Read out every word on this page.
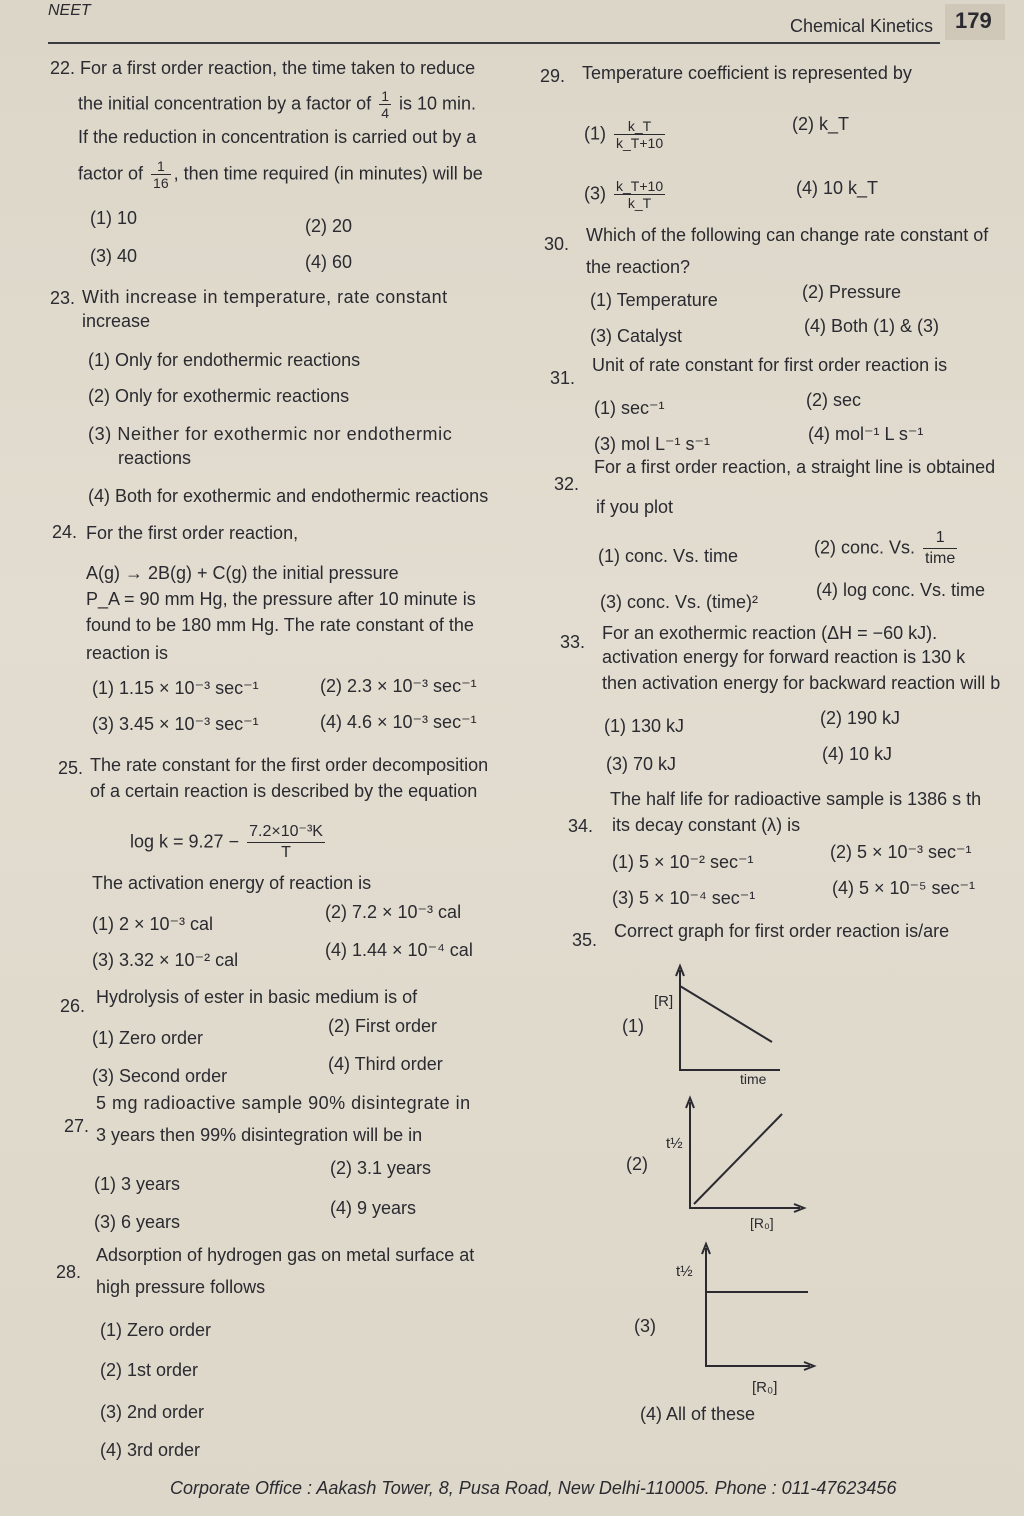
NEET
Chemical Kinetics 179
22. For a first order reaction, the time taken to reduce
the initial concentration by a factor of $\frac{1}{4}$ is 10 min.
If the reduction in concentration is carried out by a
factor of $\frac{1}{16}$ , then time required (in minutes) will be
(1) 10	(2) 20
(3) 40	(4) 60
23. With increase in temperature, rate constant
increase
(1) Only for endothermic reactions
(2) Only for exothermic reactions
(3) Neither for exothermic nor endothermic
reactions
(4) Both for exothermic and endothermic reactions
24. For the first order reaction,
A(g) → 2B(g) + C(g) the initial pressure
P_A = 90 mm Hg, the pressure after 10 minute is
found to be 180 mm Hg. The rate constant of the
reaction is
(1) 1.15 × 10⁻³ sec⁻¹	(2) 2.3 × 10⁻³ sec⁻¹
(3) 3.45 × 10⁻³ sec⁻¹	(4) 4.6 × 10⁻³ sec⁻¹
25. The rate constant for the first order decomposition
of a certain reaction is described by the equation
$\log k = 9.27 - \frac{\text{7.2×10⁻³K}}{T}$
The activation energy of reaction is
(1) 2 × 10⁻³ cal
(2) 7.2 × 10⁻³ cal
(3) 3.32 × 10⁻² cal	(4) 1.44 × 10⁻⁴ cal
26. Hydrolysis of ester in basic medium is of
(1) Zero order
(2) First order
(3) Second order
(4) Third order
27.
5 mg radioactive sample 90% disintegrate in
3 years then 99% disintegration will be in
(1) 3 years
(2) 3.1 years
(3) 6 years
(4) 9 years
28.
Adsorption of hydrogen gas on metal surface at
high pressure follows
(1) Zero order
(2) 1st order
(3) 2nd order
(4) 3rd order
29. Temperature coefficient is represented by
$(1) \frac{k\_T}{k\_T+10}$	(2) k_T
$(3) \frac{k\_T+10}{k\_T}$	(4) 10 k_T
30. Which of the following can change rate constant of
the reaction?
(1) Temperature	(2) Pressure
(3) Catalyst	(4) Both (1) & (3)
31.
Unit of rate constant for first order reaction is
(1) sec⁻¹	(2) sec
(3) mol L⁻¹ s⁻¹	(4) mol⁻¹ L s⁻¹
32.
For a first order reaction, a straight line is obtained
if you plot
(1) conc. Vs. time	(2) conc. Vs. $\frac{1}{\text{time}}$
(3) conc. Vs. (time)²
(4) log conc. Vs. time
33. For an exothermic reaction (ΔH = −60 kJ).
activation energy for forward reaction is 130 k
then activation energy for backward reaction will b
(1) 130 kJ	(2) 190 kJ
(3) 70 kJ	(4) 10 kJ
34.
The half life for radioactive sample is 1386 s th
its decay constant (λ) is
(1) 5 × 10⁻² sec⁻¹	(2) 5 × 10⁻³ sec⁻¹
(3) 5 × 10⁻⁴ sec⁻¹	(4) 5 × 10⁻⁵ sec⁻¹
35. Correct graph for first order reaction is/are
(1)
[R]
time
(2)
t½
[R₀]
(3)
t½
[R₀]
(4) All of these
Corporate Office : Aakash Tower, 8, Pusa Road, New Delhi-110005. Phone : 011-47623456
